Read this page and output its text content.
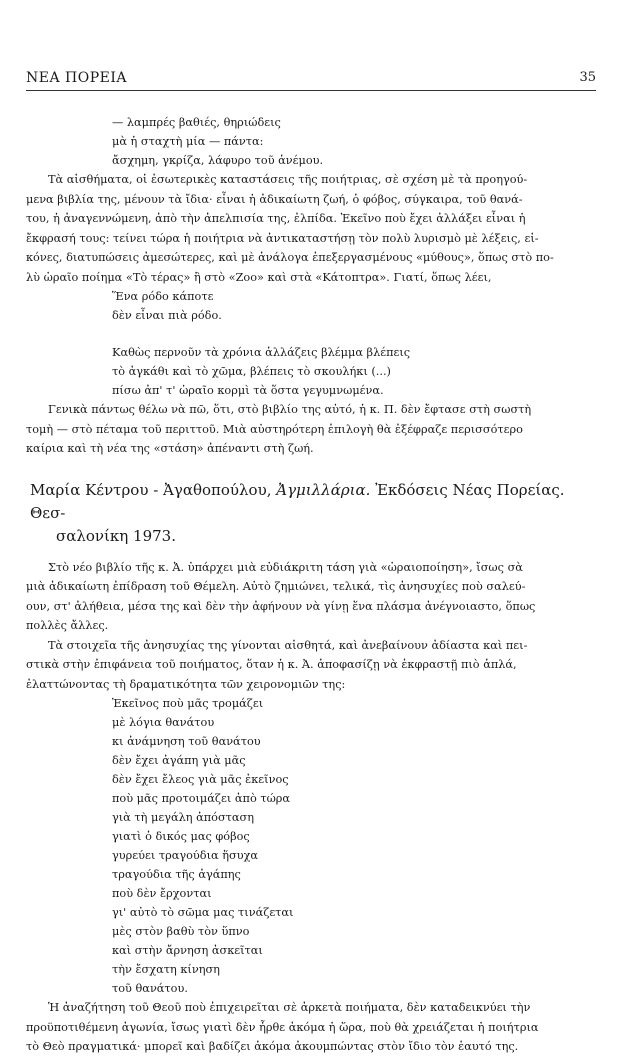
ΝΕΑ ΠΟΡΕΙΑ	35
— λαμπρές βαθιές, θηριώδεις
μὰ ἡ σταχτὴ μία — πάντα:
ἄσχημη, γκρίζα, λάφυρο τοῦ ἀνέμου.
Τὰ αἰσθήματα, οἱ ἐσωτερικὲς καταστάσεις τῆς ποιήτριας, σὲ σχέση μὲ τὰ προηγού-
μενα βιβλία της, μένουν τὰ ἴδια· εἶναι ἡ ἀδικαίωτη ζωή, ὁ φόβος, σύγκαιρα, τοῦ θανά-
του, ἡ ἀναγεννώμενη, ἀπὸ τὴν ἀπελπισία της, ἐλπίδα. Ἐκεῖνο ποὺ ἔχει ἀλλάξει εἶναι ἡ
ἔκφρασή τους: τείνει τώρα ἡ ποιήτρια νὰ ἀντικαταστήσῃ τὸν πολὺ λυρισμὸ μὲ λέξεις, εἰ-
κόνες, διατυπώσεις ἀμεσώτερες, καὶ μὲ ἀνάλογα ἐπεξεργασμένους «μύθους», ὅπως στὸ πο-
λὺ ὡραῖο ποίημα «Τὸ τέρας» ἢ στὸ «Ζοο» καὶ στὰ «Κάτοπτρα». Γιατί, ὅπως λέει,
Ἕνα ρόδο κάποτε
δὲν εἶναι πιὰ ρόδο.
Καθὼς περνοῦν τὰ χρόνια ἀλλάζεις βλέμμα βλέπεις
τὸ ἀγκάθι καὶ τὸ χῶμα, βλέπεις τὸ σκουλήκι (...)
πίσω ἀπ' τ' ὡραῖο κορμὶ τὰ ὅστα γεγυμνωμένα.
Γενικὰ πάντως θέλω νὰ πῶ, ὅτι, στὸ βιβλίο της αὐτό, ἡ κ. Π. δὲν ἔφτασε στὴ σωστὴ
τομὴ — στὸ πέταμα τοῦ περιττοῦ. Μιὰ αὐστηρότερη ἐπιλογὴ θὰ ἐξέφραζε περισσότερο
καίρια καὶ τὴ νέα της «στάση» ἀπέναντι στὴ ζωή.
Μαρία Κέντρου - Ἀγαθοπούλου, Ἀγμιλλάρια. Ἐκδόσεις Νέας Πορείας. Θεσ-
σαλονίκη 1973.
Στὸ νέο βιβλίο τῆς κ. Ἀ. ὑπάρχει μιὰ εὐδιάκριτη τάση γιὰ «ὡραιοποίηση», ἴσως σὰ
μιὰ ἀδικαίωτη ἐπίδραση τοῦ Θέμελη. Αὐτὸ ζημιώνει, τελικά, τὶς ἀνησυχίες ποὺ σαλεύ-
ουν, στ' ἀλήθεια, μέσα της καὶ δὲν τὴν ἀφήνουν νὰ γίνῃ ἕνα πλάσμα ἀνέγνοιαστο, ὅπως
πολλὲς ἄλλες.
Τὰ στοιχεῖα τῆς ἀνησυχίας της γίνονται αἰσθητά, καὶ ἀνεβαίνουν ἀδίαστα καὶ πει-
στικὰ στὴν ἐπιφάνεια τοῦ ποιήματος, ὅταν ἡ κ. Ἀ. ἀποφασίζῃ νὰ ἐκφραστῇ πιὸ ἁπλά,
ἐλαττώνοντας τὴ δραματικότητα τῶν χειρονομιῶν της:
Ἐκεῖνος ποὺ μᾶς τρομάζει
μὲ λόγια θανάτου
κι ἀνάμνηση τοῦ θανάτου
δὲν ἔχει ἀγάπη γιὰ μᾶς
δὲν ἔχει ἔλεος γιὰ μᾶς ἐκεῖνος
ποὺ μᾶς προτοιμάζει ἀπὸ τώρα
γιὰ τὴ μεγάλη ἀπόσταση
γιατὶ ὁ δικός μας φόβος
γυρεύει τραγούδια ἥσυχα
τραγούδια τῆς ἀγάπης
ποὺ δὲν ἔρχονται
γι' αὐτὸ τὸ σῶμα μας τινάζεται
μὲς στὸν βαθὺ τὸν ὕπνο
καὶ στὴν ἄρνηση ἀσκεῖται
τὴν ἔσχατη κίνηση
τοῦ θανάτου.
Ἡ ἀναζήτηση τοῦ Θεοῦ ποὺ ἐπιχειρεῖται σὲ ἀρκετὰ ποιήματα, δὲν καταδεικνύει τὴν
προϋποτιθέμενη ἀγωνία, ἴσως γιατὶ δὲν ἦρθε ἀκόμα ἡ ὥρα, ποὺ θὰ χρειάζεται ἡ ποιήτρια
τὸ Θεὸ πραγματικά· μπορεῖ καὶ βαδίζει ἀκόμα ἀκουμπώντας στὸν ἴδιο τὸν ἑαυτό της.
